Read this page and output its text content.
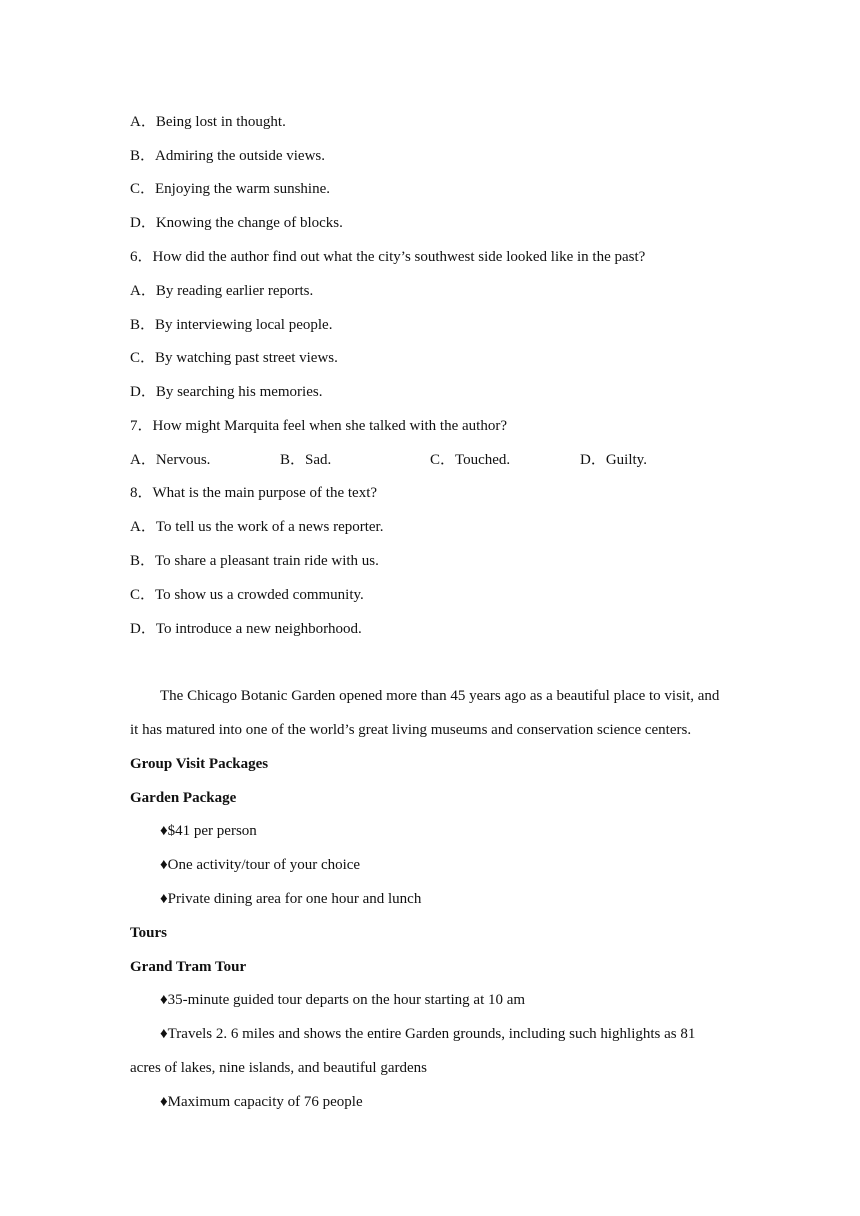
A．Being lost in thought.
B．Admiring the outside views.
C．Enjoying the warm sunshine.
D．Knowing the change of blocks.
6．How did the author find out what the city’s southwest side looked like in the past?
A．By reading earlier reports.
B．By interviewing local people.
C．By watching past street views.
D．By searching his memories.
7．How might Marquita feel when she talked with the author?
A．Nervous.	B．Sad.	C．Touched.	D．Guilty.
8．What is the main purpose of the text?
A．To tell us the work of a news reporter.
B．To share a pleasant train ride with us.
C．To show us a crowded community.
D．To introduce a new neighborhood.
The Chicago Botanic Garden opened more than 45 years ago as a beautiful place to visit, and
it has matured into one of the world’s great living museums and conservation science centers.
Group Visit Packages
Garden Package
♦$41 per person
♦One activity/tour of your choice
♦Private dining area for one hour and lunch
Tours
Grand Tram Tour
♦35-minute guided tour departs on the hour starting at 10 am
♦Travels 2. 6 miles and shows the entire Garden grounds, including such highlights as 81
acres of lakes, nine islands, and beautiful gardens
♦Maximum capacity of 76 people
